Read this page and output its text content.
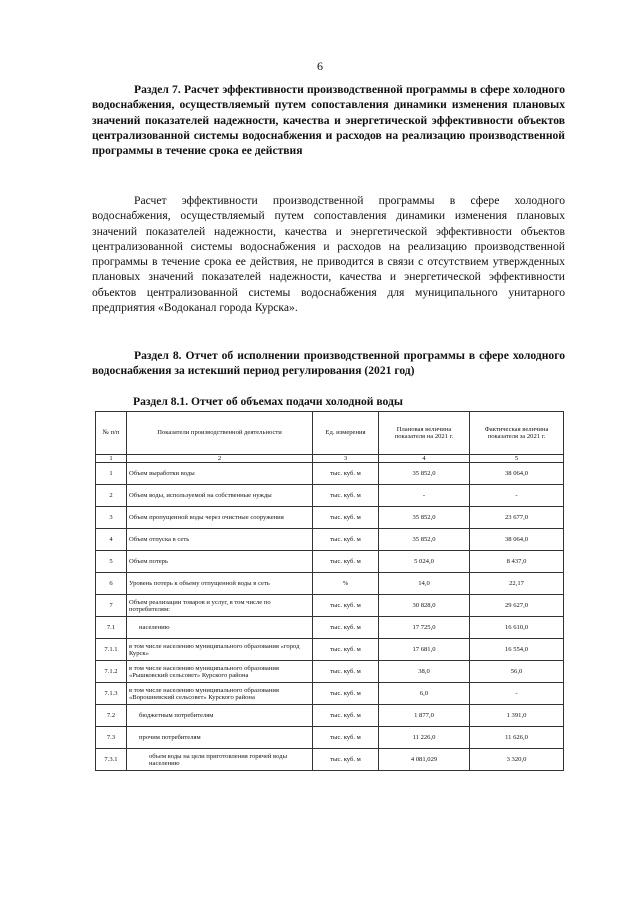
6

Раздел 7. Расчет эффективности производственной программы в сфере холодного водоснабжения, осуществляемый путем сопоставления динамики изменения плановых значений показателей надежности, качества и энергетической эффективности объектов централизованной системы водоснабжения и расходов на реализацию производственной программы в течение срока ее действия

Расчет эффективности производственной программы в сфере холодного водоснабжения, осуществляемый путем сопоставления динамики изменения плановых значений показателей надежности, качества и энергетической эффективности объектов централизованной системы водоснабжения и расходов на реализацию производственной программы в течение срока ее действия, не приводится в связи с отсутствием утвержденных плановых значений показателей надежности, качества и энергетической эффективности объектов централизованной системы водоснабжения для муниципального унитарного предприятия «Водоканал города Курска».

Раздел 8. Отчет об исполнении производственной программы в сфере холодного водоснабжения за истекший период регулирования (2021 год)

Раздел 8.1. Отчет об объемах подачи холодной воды
№ п/п	Показатели производственной деятельности	Ед. измерения	Плановая величина показателя на 2021 г.	Фактическая величина показателя за 2021 г.
1	2	3	4	5
1	Объем выработки воды	тыс. куб. м	35 852,0	38 064,0
2	Объем воды, используемой на собственные нужды	тыс. куб. м	-	-
3	Объем пропущенной воды через очистные сооружения	тыс. куб. м	35 852,0	23 677,0
4	Объем отпуска в сеть	тыс. куб. м	35 852,0	38 064,0
5	Объем потерь	тыс. куб. м	5 024,0	8 437,0
6	Уровень потерь к объему отпущенной воды в сеть	%	14,0	22,17
7	Объем реализации товаров и услуг, в том числе по потребителям:	тыс. куб. м	30 828,0	29 627,0
7.1	населению	тыс. куб. м	17 725,0	16 610,0
7.1.1	в том числе населению муниципального образования «город Курск»	тыс. куб. м	17 681,0	16 554,0
7.1.2	в том числе населению муниципального образования «Рышковский сельсовет» Курского района	тыс. куб. м	38,0	56,0
7.1.3	в том числе населению муниципального образования «Ворошневский сельсовет» Курского района	тыс. куб. м	6,0	-
7.2	бюджетным потребителям	тыс. куб. м	1 877,0	1 391,0
7.3	прочим потребителям	тыс. куб. м	11 226,0	11 626,0
7.3.1	объем воды на цели приготовления горячей воды населению	тыс. куб. м	4 081,029	3 320,0
